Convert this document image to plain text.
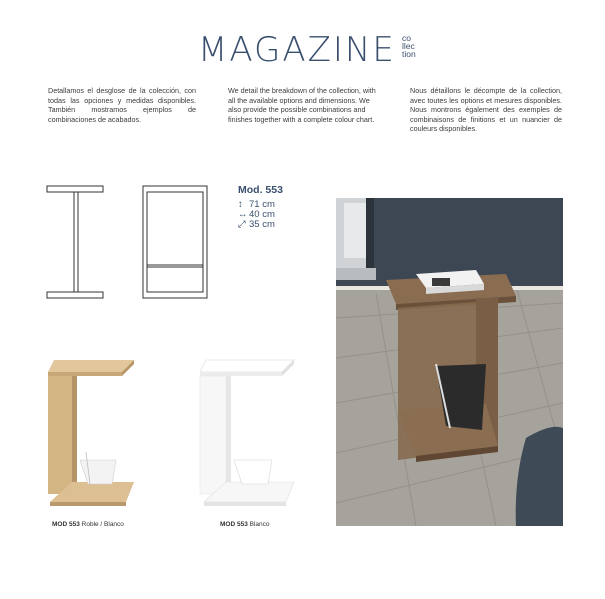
MAGAZINE co
llec
tion
Detallamos el desglose de la colección, con todas las opciones y medidas disponibles. También mostramos ejemplos de combinaciones de acabados.
We detail the breakdown of the collection, with all the available options and dimensions. We also provide the possible combinations and finishes together with a complete colour chart.
Nous détaillons le décompte de la collection, avec toutes les options et mesures disponibles. Nous montrons également des exemples de combinaisons de finitions et un nuancier de couleurs disponibles.
Mod. 553
↕ 71 cm
↔ 40 cm
⤢ 35 cm
MOD 553 Roble / Blanco	MOD 553 Blanco
